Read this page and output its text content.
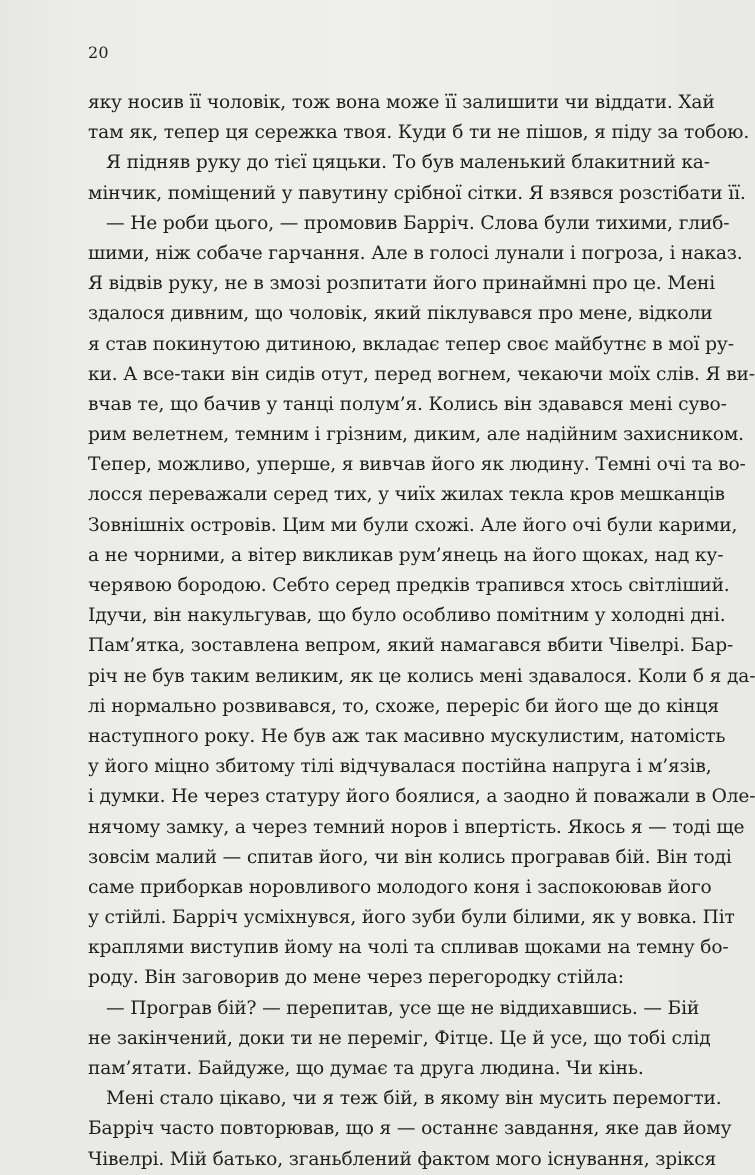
20
яку носив її чоловік, тож вона може її залишити чи віддати. Хай
там як, тепер ця сережка твоя. Куди б ти не пішов, я піду за тобою.
Я підняв руку до тієї цяцьки. То був маленький блакитний ка-
мінчик, поміщений у павутину срібної сітки. Я взявся розстібати її.
— Не роби цього, — промовив Барріч. Слова були тихими, глиб-
шими, ніж собаче гарчання. Але в голосі лунали і погроза, і наказ.
Я відвів руку, не в змозі розпитати його принаймні про це. Мені
здалося дивним, що чоловік, який піклувався про мене, відколи
я став покинутою дитиною, вкладає тепер своє майбутнє в мої ру-
ки. А все-таки він сидів отут, перед вогнем, чекаючи моїх слів. Я ви-
вчав те, що бачив у танці полум’я. Колись він здавався мені суво-
рим велетнем, темним і грізним, диким, але надійним захисником.
Тепер, можливо, уперше, я вивчав його як людину. Темні очі та во-
лосся переважали серед тих, у чиїх жилах текла кров мешканців
Зовнішніх островів. Цим ми були схожі. Але його очі були карими,
а не чорними, а вітер викликав рум’янець на його щоках, над ку-
черявою бородою. Себто серед предків трапився хтось світліший.
Ідучи, він накульгував, що було особливо помітним у холодні дні.
Пам’ятка, зоставлена вепром, який намагався вбити Чівелрі. Бар-
річ не був таким великим, як це колись мені здавалося. Коли б я да-
лі нормально розвивався, то, схоже, переріс би його ще до кінця
наступного року. Не був аж так масивно мускулистим, натомість
у його міцно збитому тілі відчувалася постійна напруга і м’язів,
і думки. Не через статуру його боялися, а заодно й поважали в Оле-
нячому замку, а через темний норов і впертість. Якось я — тоді ще
зовсім малий — спитав його, чи він колись програвав бій. Він тоді
саме приборкав норовливого молодого коня і заспокоював його
у стійлі. Барріч усміхнувся, його зуби були білими, як у вовка. Піт
краплями виступив йому на чолі та спливав щоками на темну бо-
роду. Він заговорив до мене через перегородку стійла:
— Програв бій? — перепитав, усе ще не віддихавшись. — Бій
не закінчений, доки ти не переміг, Фітце. Це й усе, що тобі слід
пам’ятати. Байдуже, що думає та друга людина. Чи кінь.
Мені стало цікаво, чи я теж бій, в якому він мусить перемогти.
Барріч часто повторював, що я — останнє завдання, яке дав йому
Чівелрі. Мій батько, зганьблений фактом мого існування, зрікся
